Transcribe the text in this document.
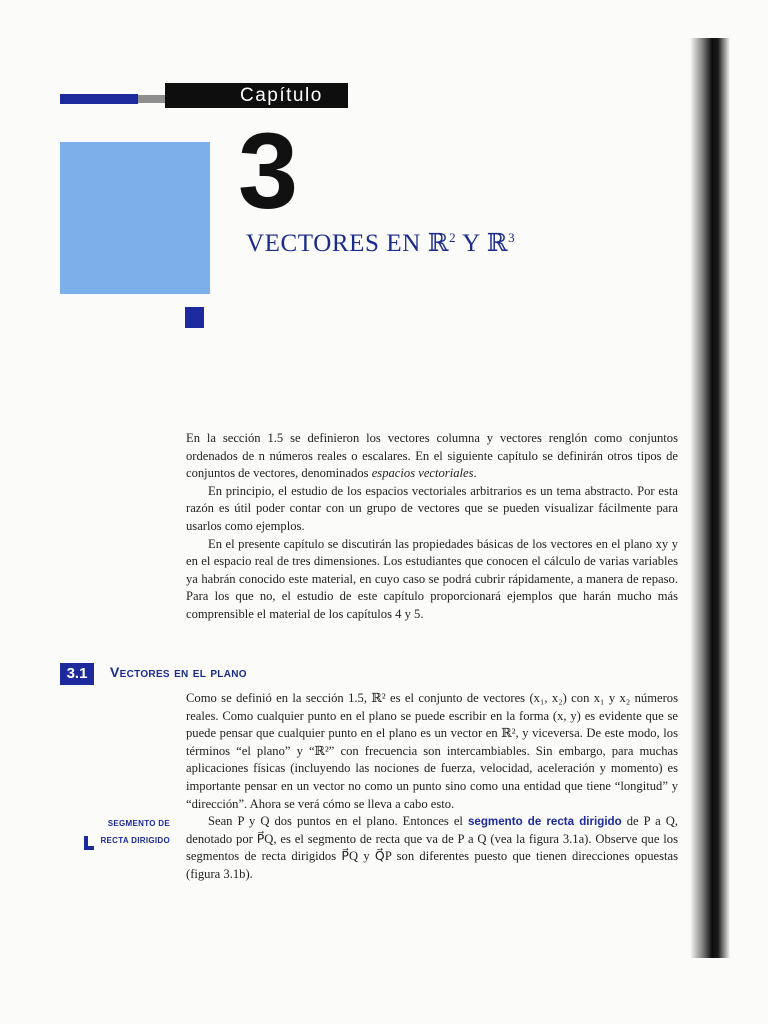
Capítulo
3
VECTORES EN ℝ$^2$ Y ℝ$^3$

En la sección 1.5 se definieron los vectores columna y vectores renglón como conjuntos ordenados de n números reales o escalares. En el siguiente capítulo se definirán otros tipos de conjuntos de vectores, denominados espacios vectoriales.

En principio, el estudio de los espacios vectoriales arbitrarios es un tema abstracto. Por esta razón es útil poder contar con un grupo de vectores que se pueden visualizar fácilmente para usarlos como ejemplos.

En el presente capítulo se discutirán las propiedades básicas de los vectores en el plano xy y en el espacio real de tres dimensiones. Los estudiantes que conocen el cálculo de varias variables ya habrán conocido este material, en cuyo caso se podrá cubrir rápidamente, a manera de repaso. Para los que no, el estudio de este capítulo proporcionará ejemplos que harán mucho más comprensible el material de los capítulos 4 y 5.

3.1	Vectores en el plano

Como se definió en la sección 1.5, ℝ² es el conjunto de vectores (x₁, x₂) con x₁ y x₂ números reales. Como cualquier punto en el plano se puede escribir en la forma (x, y) es evidente que se puede pensar que cualquier punto en el plano es un vector en ℝ², y viceversa. De este modo, los términos “el plano” y “ℝ²” con frecuencia son intercambiables. Sin embargo, para muchas aplicaciones físicas (incluyendo las nociones de fuerza, velocidad, aceleración y momento) es importante pensar en un vector no como un punto sino como una entidad que tiene “longitud” y “dirección”. Ahora se verá cómo se lleva a cabo esto.

Sean P y Q dos puntos en el plano. Entonces el segmento de recta dirigido de P a Q, denotado por P⃗Q, es el segmento de recta que va de P a Q (vea la figura 3.1a). Observe que los segmentos de recta dirigidos P⃗Q y Q⃗P son diferentes puesto que tienen direcciones opuestas (figura 3.1b).

SEGMENTO DE
RECTA DIRIGIDO
